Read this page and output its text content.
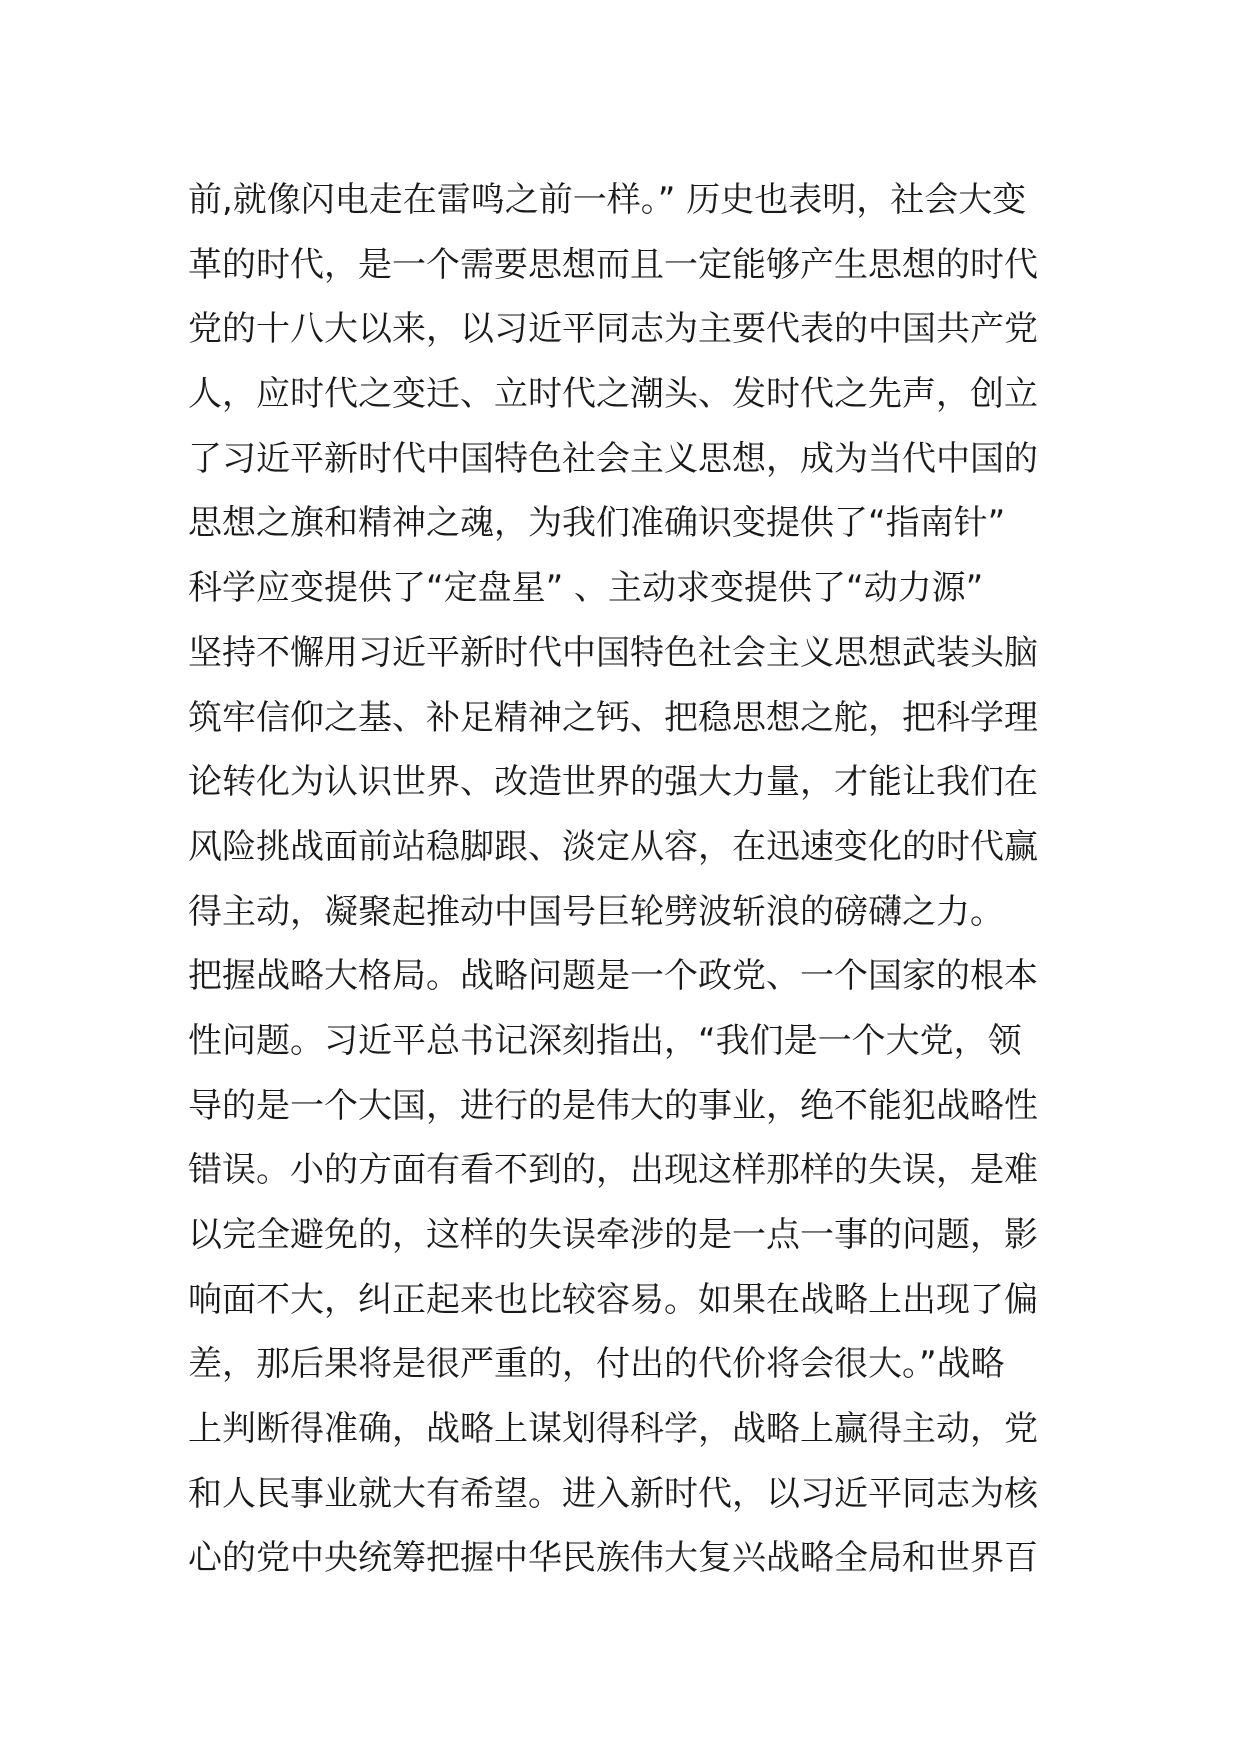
前,就像闪电走在雷鸣之前一样。” 历史也表明，社会大变
革的时代，是一个需要思想而且一定能够产生思想的时代
党的十八大以来，以习近平同志为主要代表的中国共产党
人，应时代之变迁、立时代之潮头、发时代之先声，创立
了习近平新时代中国特色社会主义思想，成为当代中国的
思想之旗和精神之魂，为我们准确识变提供了“指南针”
科学应变提供了“定盘星” 、主动求变提供了“动力源”
坚持不懈用习近平新时代中国特色社会主义思想武装头脑
筑牢信仰之基、补足精神之钙、把稳思想之舵，把科学理
论转化为认识世界、改造世界的强大力量，才能让我们在
风险挑战面前站稳脚跟、淡定从容，在迅速变化的时代赢
得主动，凝聚起推动中国号巨轮劈波斩浪的磅礴之力。
把握战略大格局。战略问题是一个政党、一个国家的根本
性问题。习近平总书记深刻指出，“我们是一个大党，领
导的是一个大国，进行的是伟大的事业，绝不能犯战略性
错误。小的方面有看不到的，出现这样那样的失误，是难
以完全避免的，这样的失误牵涉的是一点一事的问题，影
响面不大，纠正起来也比较容易。如果在战略上出现了偏
差，那后果将是很严重的，付出的代价将会很大。”战略
上判断得准确，战略上谋划得科学，战略上赢得主动，党
和人民事业就大有希望。进入新时代，以习近平同志为核
心的党中央统筹把握中华民族伟大复兴战略全局和世界百
